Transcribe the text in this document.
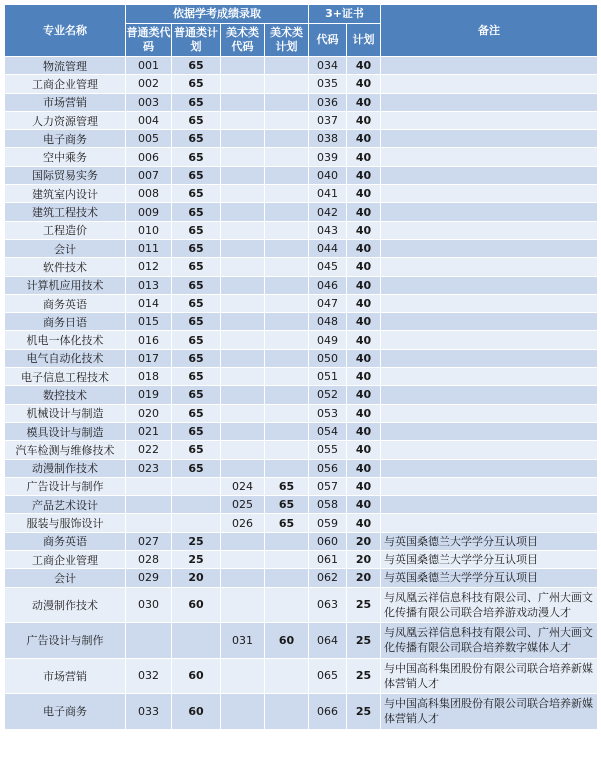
专业名称	依据学考成绩录取				3+证书		备注
	普通类代码	普通类计划	美术类代码	美术类计划	代码	计划	
物流管理	001	65			034	40	
工商企业管理	002	65			035	40	
市场营销	003	65			036	40	
人力资源管理	004	65			037	40	
电子商务	005	65			038	40	
空中乘务	006	65			039	40	
国际贸易实务	007	65			040	40	
建筑室内设计	008	65			041	40	
建筑工程技术	009	65			042	40	
工程造价	010	65			043	40	
会计	011	65			044	40	
软件技术	012	65			045	40	
计算机应用技术	013	65			046	40	
商务英语	014	65			047	40	
商务日语	015	65			048	40	
机电一体化技术	016	65			049	40	
电气自动化技术	017	65			050	40	
电子信息工程技术	018	65			051	40	
数控技术	019	65			052	40	
机械设计与制造	020	65			053	40	
模具设计与制造	021	65			054	40	
汽车检测与维修技术	022	65			055	40	
动漫制作技术	023	65			056	40	
广告设计与制作			024	65	057	40	
产品艺术设计			025	65	058	40	
服装与服饰设计			026	65	059	40	
商务英语	027	25			060	20	与英国桑德兰大学学分互认项目
工商企业管理	028	25			061	20	与英国桑德兰大学学分互认项目
会计	029	20			062	20	与英国桑德兰大学学分互认项目
动漫制作技术	030	60			063	25	与凤凰云祥信息科技有限公司、广州大画文化传播有限公司联合培养游戏动漫人才
广告设计与制作			031	60	064	25	与凤凰云祥信息科技有限公司、广州大画文化传播有限公司联合培养数字媒体人才
市场营销	032	60			065	25	与中国高科集团股份有限公司联合培养新媒体营销人才
电子商务	033	60			066	25	与中国高科集团股份有限公司联合培养新媒体营销人才
